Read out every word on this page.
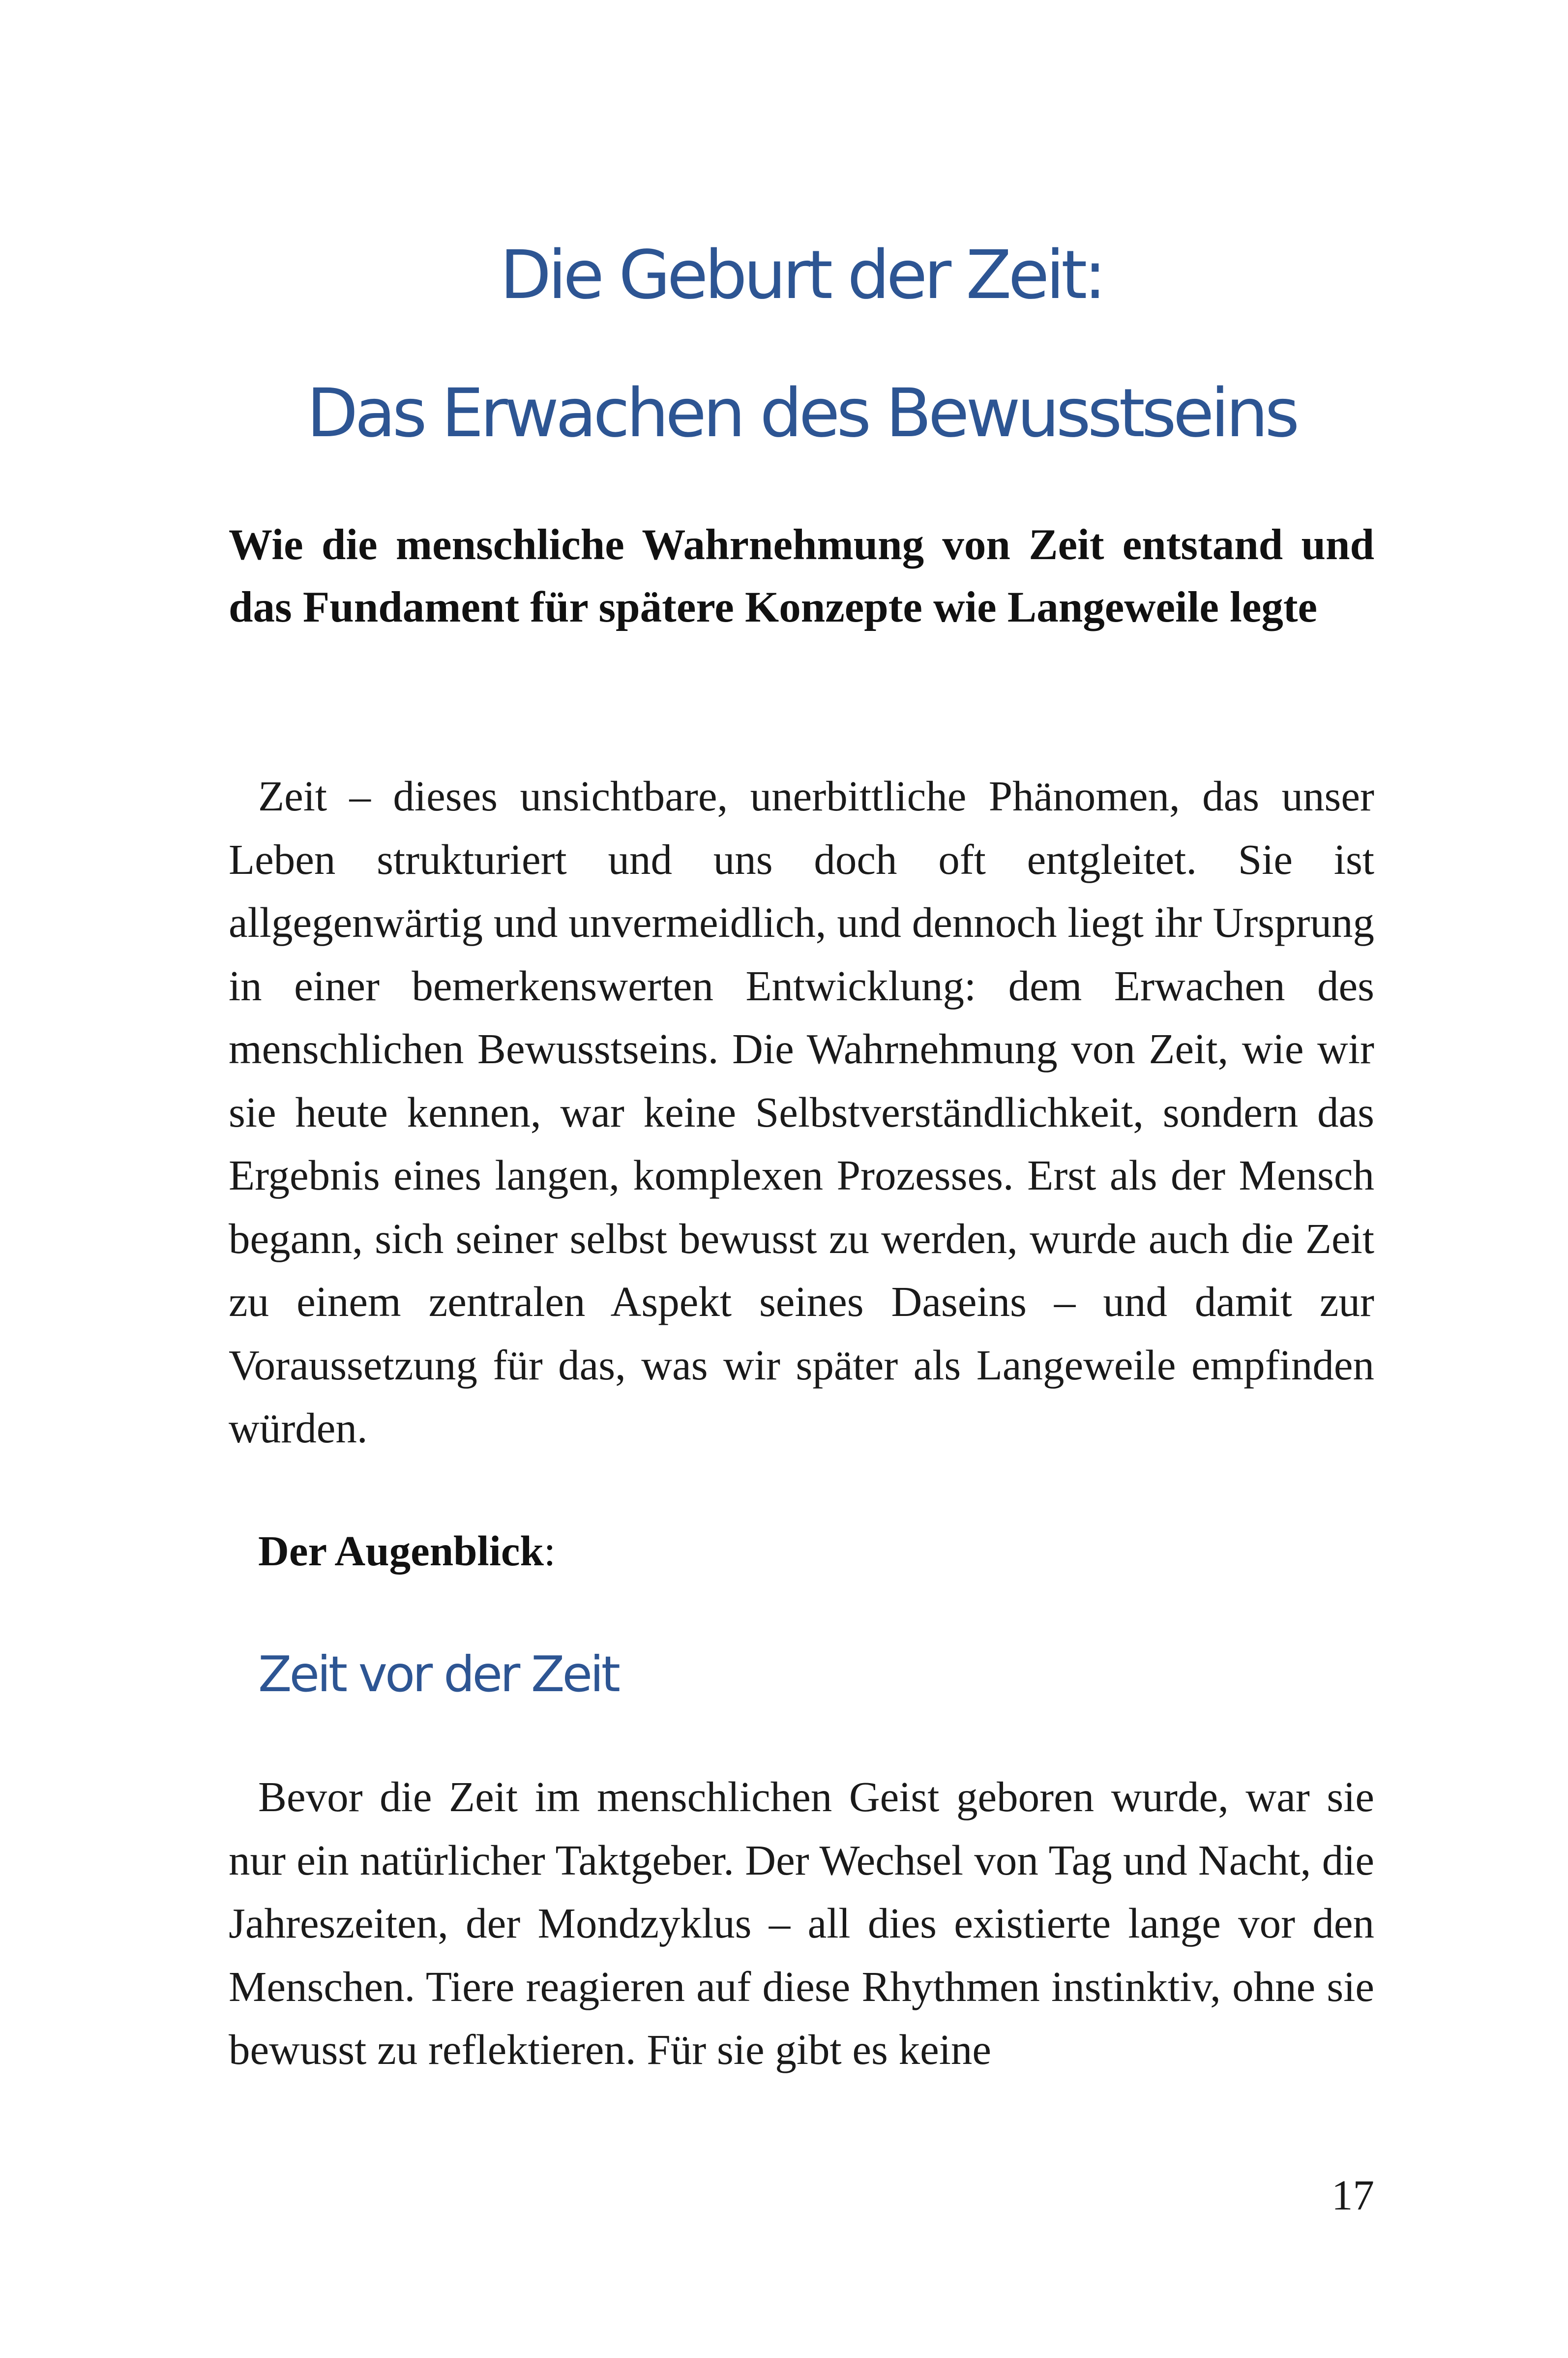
Die Geburt der Zeit:
Das Erwachen des Bewusstseins

Wie die menschliche Wahrnehmung von Zeit entstand und das Fundament für spätere Konzepte wie Langeweile legte

Zeit – dieses unsichtbare, unerbittliche Phänomen, das unser Leben strukturiert und uns doch oft entgleitet. Sie ist allgegenwärtig und unvermeidlich, und dennoch liegt ihr Ursprung in einer bemerkenswerten Entwicklung: dem Erwachen des menschlichen Bewusstseins. Die Wahrnehmung von Zeit, wie wir sie heute kennen, war keine Selbstverständlichkeit, sondern das Ergebnis eines langen, komplexen Prozesses. Erst als der Mensch begann, sich seiner selbst bewusst zu werden, wurde auch die Zeit zu einem zentralen Aspekt seines Daseins – und damit zur Voraussetzung für das, was wir später als Langeweile empfinden würden.

Der Augenblick:

Zeit vor der Zeit

Bevor die Zeit im menschlichen Geist geboren wurde, war sie nur ein natürlicher Taktgeber. Der Wechsel von Tag und Nacht, die Jahreszeiten, der Mondzyklus – all dies existierte lange vor den Menschen. Tiere reagieren auf diese Rhythmen instinktiv, ohne sie bewusst zu reflektieren. Für sie gibt es keine

17
